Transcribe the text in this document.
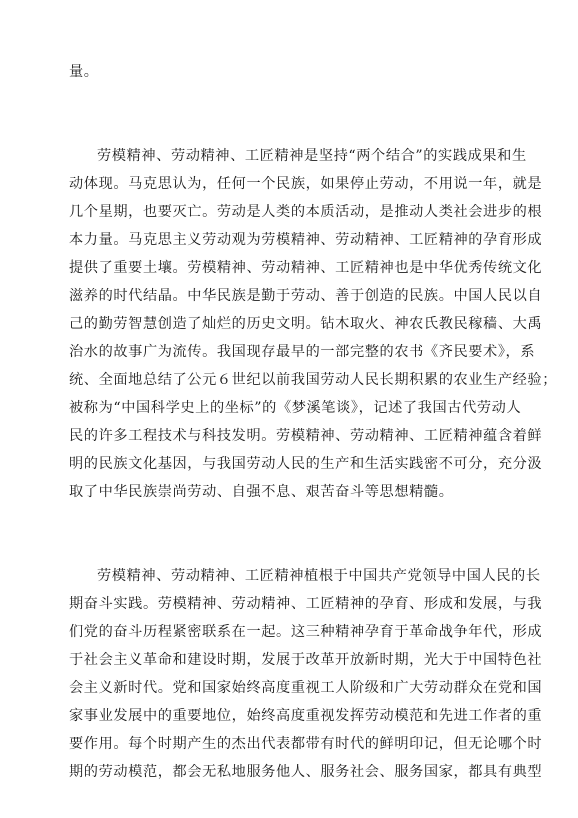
量。
劳模精神、劳动精神、工匠精神是坚持“两个结合”的实践成果和生
动体现。马克思认为，任何一个民族，如果停止劳动，不用说一年，就是
几个星期，也要灭亡。劳动是人类的本质活动，是推动人类社会进步的根
本力量。马克思主义劳动观为劳模精神、劳动精神、工匠精神的孕育形成
提供了重要土壤。劳模精神、劳动精神、工匠精神也是中华优秀传统文化
滋养的时代结晶。中华民族是勤于劳动、善于创造的民族。中国人民以自
己的勤劳智慧创造了灿烂的历史文明。钻木取火、神农氏教民稼穑、大禹
治水的故事广为流传。我国现存最早的一部完整的农书《齐民要术》，系
统、全面地总结了公元６世纪以前我国劳动人民长期积累的农业生产经验；
被称为“中国科学史上的坐标”的《梦溪笔谈》，记述了我国古代劳动人
民的许多工程技术与科技发明。劳模精神、劳动精神、工匠精神蕴含着鲜
明的民族文化基因，与我国劳动人民的生产和生活实践密不可分，充分汲
取了中华民族崇尚劳动、自强不息、艰苦奋斗等思想精髓。
劳模精神、劳动精神、工匠精神植根于中国共产党领导中国人民的长
期奋斗实践。劳模精神、劳动精神、工匠精神的孕育、形成和发展，与我
们党的奋斗历程紧密联系在一起。这三种精神孕育于革命战争年代，形成
于社会主义革命和建设时期，发展于改革开放新时期，光大于中国特色社
会主义新时代。党和国家始终高度重视工人阶级和广大劳动群众在党和国
家事业发展中的重要地位，始终高度重视发挥劳动模范和先进工作者的重
要作用。每个时期产生的杰出代表都带有时代的鲜明印记，但无论哪个时
期的劳动模范，都会无私地服务他人、服务社会、服务国家，都具有典型
